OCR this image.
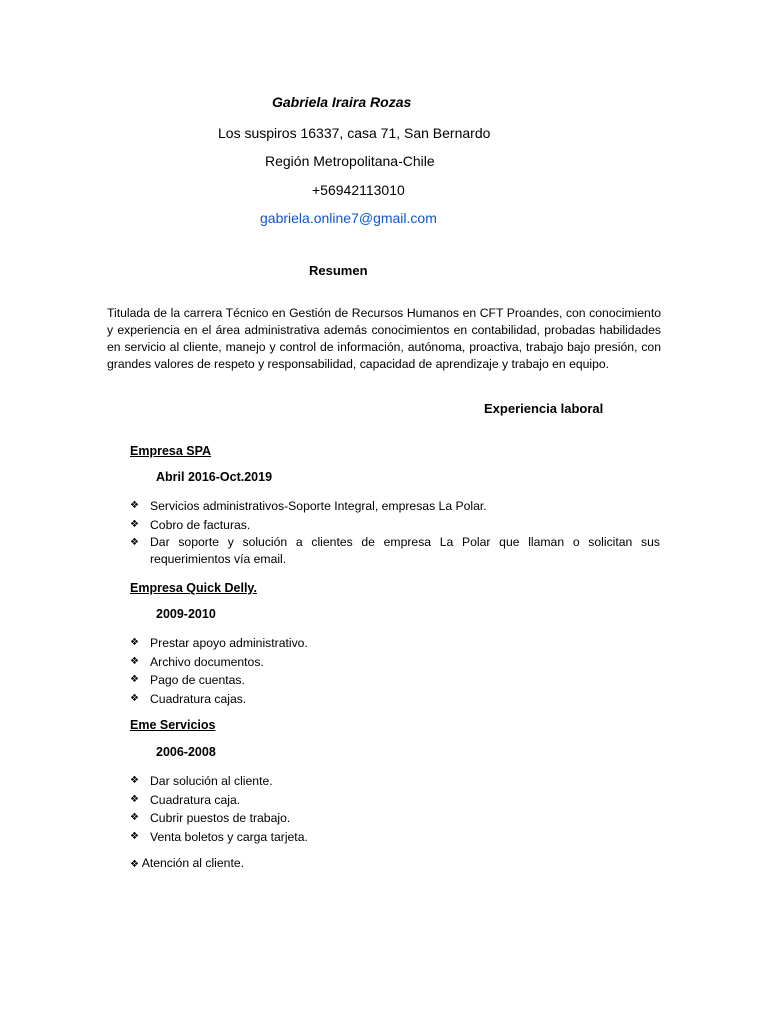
Gabriela Iraira Rozas
Los suspiros 16337, casa 71, San Bernardo
Región Metropolitana-Chile
+56942113010
gabriela.online7@gmail.com
Resumen
Titulada de la carrera Técnico en Gestión de Recursos Humanos en CFT Proandes, con conocimiento y experiencia en el área administrativa además conocimientos en contabilidad, probadas habilidades en servicio al cliente, manejo y control de información, autónoma, proactiva, trabajo bajo presión, con grandes valores de respeto y responsabilidad, capacidad de aprendizaje y trabajo en equipo.
Experiencia laboral
Empresa SPA
Abril 2016-Oct.2019
❖ Servicios administrativos-Soporte Integral, empresas La Polar.
❖ Cobro de facturas.
❖ Dar soporte y solución a clientes de empresa La Polar que llaman o solicitan sus requerimientos vía email.
Empresa Quick Delly.
2009-2010
❖ Prestar apoyo administrativo.
❖ Archivo documentos.
❖ Pago de cuentas.
❖ Cuadratura cajas.
Eme Servicios
2006-2008
❖ Dar solución al cliente.
❖ Cuadratura caja.
❖ Cubrir puestos de trabajo.
❖ Venta boletos y carga tarjeta.
❖ Atención al cliente.
